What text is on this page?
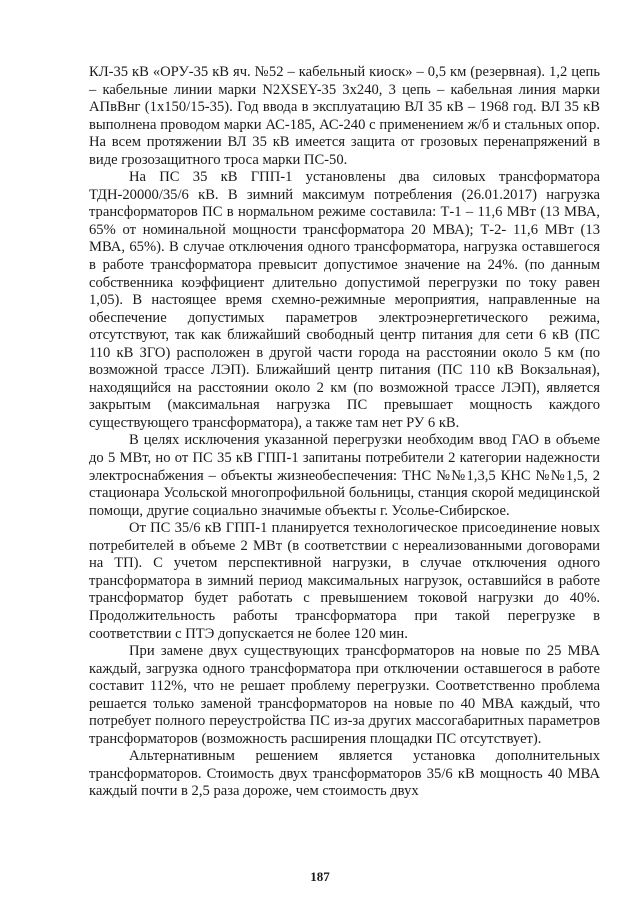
КЛ-35 кВ «ОРУ-35 кВ яч. №52 – кабельный киоск» – 0,5 км (резервная). 1,2 цепь – кабельные линии марки N2XSEY-35 3х240, 3 цепь – кабельная линия марки АПвВнг (1х150/15-35). Год ввода в эксплуатацию ВЛ 35 кВ – 1968 год. ВЛ 35 кВ выполнена проводом марки АС-185, АС-240 с применением ж/б и стальных опор. На всем протяжении ВЛ 35 кВ имеется защита от грозовых перенапряжений в виде грозозащитного троса марки ПС-50.

На ПС 35 кВ ГПП-1 установлены два силовых трансформатора ТДН-20000/35/6 кВ. В зимний максимум потребления (26.01.2017) нагрузка трансформаторов ПС в нормальном режиме составила: Т-1 – 11,6 МВт (13 МВА, 65% от номинальной мощности трансформатора 20 МВА); Т-2- 11,6 МВт (13 МВА, 65%). В случае отключения одного трансформатора, нагрузка оставшегося в работе трансформатора превысит допустимое значение на 24%. (по данным собственника коэффициент длительно допустимой перегрузки по току равен 1,05). В настоящее время схемно-режимные мероприятия, направленные на обеспечение допустимых параметров электроэнергетического режима, отсутствуют, так как ближайший свободный центр питания для сети 6 кВ (ПС 110 кВ ЗГО) расположен в другой части города на расстоянии около 5 км (по возможной трассе ЛЭП). Ближайший центр питания (ПС 110 кВ Вокзальная), находящийся на расстоянии около 2 км (по возможной трассе ЛЭП), является закрытым (максимальная нагрузка ПС превышает мощность каждого существующего трансформатора), а также там нет РУ 6 кВ.

В целях исключения указанной перегрузки необходим ввод ГАО в объеме до 5 МВт, но от ПС 35 кВ ГПП-1 запитаны потребители 2 категории надежности электроснабжения – объекты жизнеобеспечения: ТНС №№1,3,5 КНС №№1,5, 2 стационара Усольской многопрофильной больницы, станция скорой медицинской помощи, другие социально значимые объекты г. Усолье-Сибирское.

От ПС 35/6 кВ ГПП-1 планируется технологическое присоединение новых потребителей в объеме 2 МВт (в соответствии с нереализованными договорами на ТП). С учетом перспективной нагрузки, в случае отключения одного трансформатора в зимний период максимальных нагрузок, оставшийся в работе трансформатор будет работать с превышением токовой нагрузки до 40%. Продолжительность работы трансформатора при такой перегрузке в соответствии с ПТЭ допускается не более 120 мин.

При замене двух существующих трансформаторов на новые по 25 МВА каждый, загрузка одного трансформатора при отключении оставшегося в работе составит 112%, что не решает проблему перегрузки. Соответственно проблема решается только заменой трансформаторов на новые по 40 МВА каждый, что потребует полного переустройства ПС из-за других массогабаритных параметров трансформаторов (возможность расширения площадки ПС отсутствует).

Альтернативным решением является установка дополнительных трансформаторов. Стоимость двух трансформаторов 35/6 кВ мощность 40 МВА каждый почти в 2,5 раза дороже, чем стоимость двух

187
